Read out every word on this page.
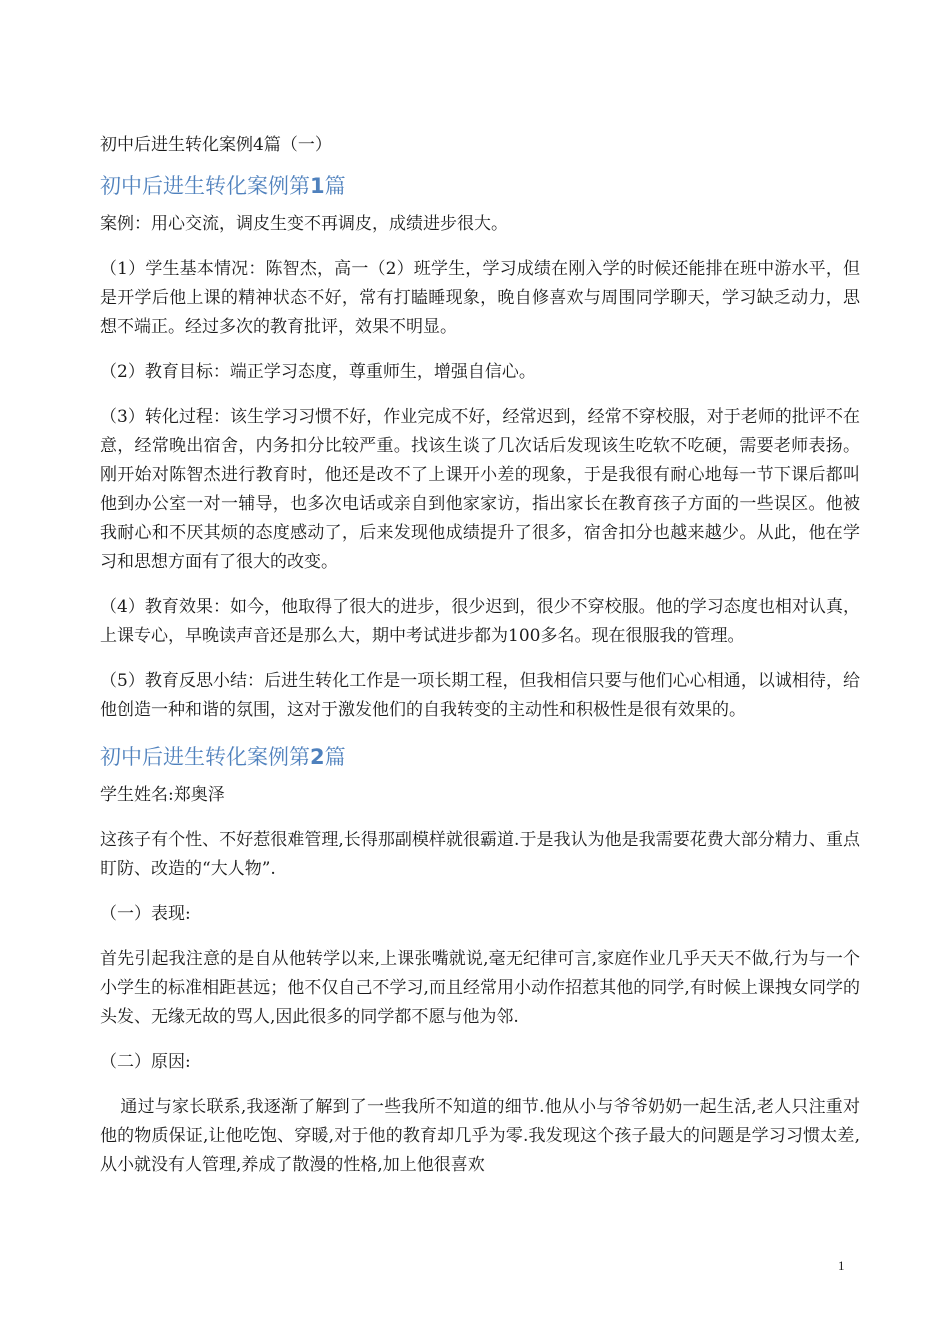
初中后进生转化案例4篇（一）
初中后进生转化案例第1篇

案例：用心交流，调皮生变不再调皮，成绩进步很大。

（1）学生基本情况：陈智杰，高一（2）班学生，学习成绩在刚入学的时候还能排在班中游水平，但是开学后他上课的精神状态不好，常有打瞌睡现象，晚自修喜欢与周围同学聊天，学习缺乏动力，思想不端正。经过多次的教育批评，效果不明显。

（2）教育目标：端正学习态度，尊重师生，增强自信心。

（3）转化过程：该生学习习惯不好，作业完成不好，经常迟到，经常不穿校服，对于老师的批评不在意，经常晚出宿舍，内务扣分比较严重。找该生谈了几次话后发现该生吃软不吃硬，需要老师表扬。刚开始对陈智杰进行教育时，他还是改不了上课开小差的现象，于是我很有耐心地每一节下课后都叫他到办公室一对一辅导，也多次电话或亲自到他家家访，指出家长在教育孩子方面的一些误区。他被我耐心和不厌其烦的态度感动了，后来发现他成绩提升了很多，宿舍扣分也越来越少。从此，他在学习和思想方面有了很大的改变。

（4）教育效果：如今，他取得了很大的进步，很少迟到，很少不穿校服。他的学习态度也相对认真，上课专心，早晚读声音还是那么大，期中考试进步都为100多名。现在很服我的管理。

（5）教育反思小结：后进生转化工作是一项长期工程，但我相信只要与他们心心相通，以诚相待，给他创造一种和谐的氛围，这对于激发他们的自我转变的主动性和积极性是很有效果的。

初中后进生转化案例第2篇

学生姓名:郑奥泽

这孩子有个性、不好惹很难管理,长得那副模样就很霸道.于是我认为他是我需要花费大部分精力、重点盯防、改造的“大人物”.

（一）表现:

首先引起我注意的是自从他转学以来,上课张嘴就说,毫无纪律可言,家庭作业几乎天天不做,行为与一个小学生的标准相距甚远；他不仅自己不学习,而且经常用小动作招惹其他的同学,有时候上课拽女同学的头发、无缘无故的骂人,因此很多的同学都不愿与他为邻.

（二）原因:

通过与家长联系,我逐渐了解到了一些我所不知道的细节.他从小与爷爷奶奶一起生活,老人只注重对他的物质保证,让他吃饱、穿暖,对于他的教育却几乎为零.我发现这个孩子最大的问题是学习习惯太差,从小就没有人管理,养成了散漫的性格,加上他很喜欢

1
